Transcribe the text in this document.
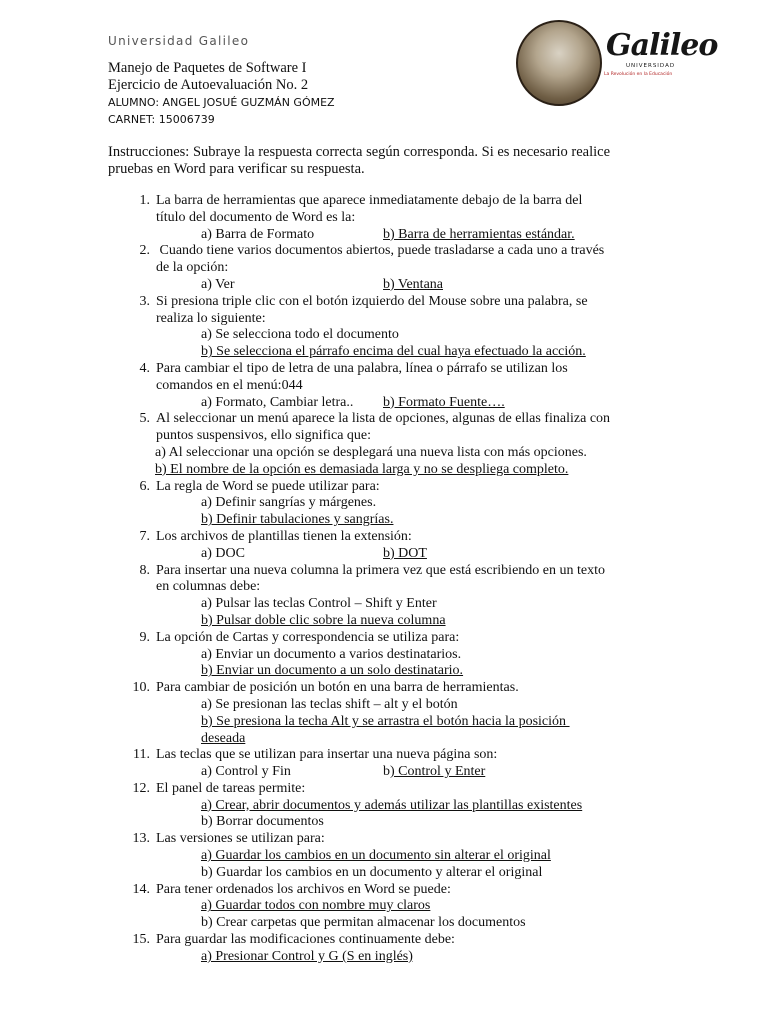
Universidad Galileo	Galileo
UNIVERSIDAD
La Revolución en la Educación
Manejo de Paquetes de Software I
Ejercicio de Autoevaluación No. 2
ALUMNO: ANGEL JOSUÉ GUZMÁN GÓMEZ
CARNET: 15006739
Instrucciones: Subraye la respuesta correcta según corresponda. Si es necesario realice
pruebas en Word para verificar su respuesta.
1. La barra de herramientas que aparece inmediatamente debajo de la barra del
título del documento de Word es la:
a) Barra de Formato	b) Barra de herramientas estándar.
2. Cuando tiene varios documentos abiertos, puede trasladarse a cada uno a través
de la opción:
a) Ver	b) Ventana
3. Si presiona triple clic con el botón izquierdo del Mouse sobre una palabra, se
realiza lo siguiente:
a) Se selecciona todo el documento
b) Se selecciona el párrafo encima del cual haya efectuado la acción.
4. Para cambiar el tipo de letra de una palabra, línea o párrafo se utilizan los
comandos en el menú:044
a) Formato, Cambiar letra..	b) Formato Fuente….
5. Al seleccionar un menú aparece la lista de opciones, algunas de ellas finaliza con
puntos suspensivos, ello significa que:
a) Al seleccionar una opción se desplegará una nueva lista con más opciones.
b) El nombre de la opción es demasiada larga y no se despliega completo.
6. La regla de Word se puede utilizar para:
a) Definir sangrías y márgenes.
b) Definir tabulaciones y sangrías.
7. Los archivos de plantillas tienen la extensión:
a) DOC	b) DOT
8. Para insertar una nueva columna la primera vez que está escribiendo en un texto
en columnas debe:
a) Pulsar las teclas Control – Shift y Enter
b) Pulsar doble clic sobre la nueva columna
9. La opción de Cartas y correspondencia se utiliza para:
a) Enviar un documento a varios destinatarios.
b) Enviar un documento a un solo destinatario.
10. Para cambiar de posición un botón en una barra de herramientas.
a) Se presionan las teclas shift – alt y el botón
b) Se presiona la techa Alt y se arrastra el botón hacia la posición
deseada
11. Las teclas que se utilizan para insertar una nueva página son:
a) Control y Fin	b) Control y Enter
12. El panel de tareas permite:
a) Crear, abrir documentos y además utilizar las plantillas existentes
b) Borrar documentos
13. Las versiones se utilizan para:
a) Guardar los cambios en un documento sin alterar el original
b) Guardar los cambios en un documento y alterar el original
14. Para tener ordenados los archivos en Word se puede:
a) Guardar todos con nombre muy claros
b) Crear carpetas que permitan almacenar los documentos
15. Para guardar las modificaciones continuamente debe:
a) Presionar Control y G (S en inglés)
